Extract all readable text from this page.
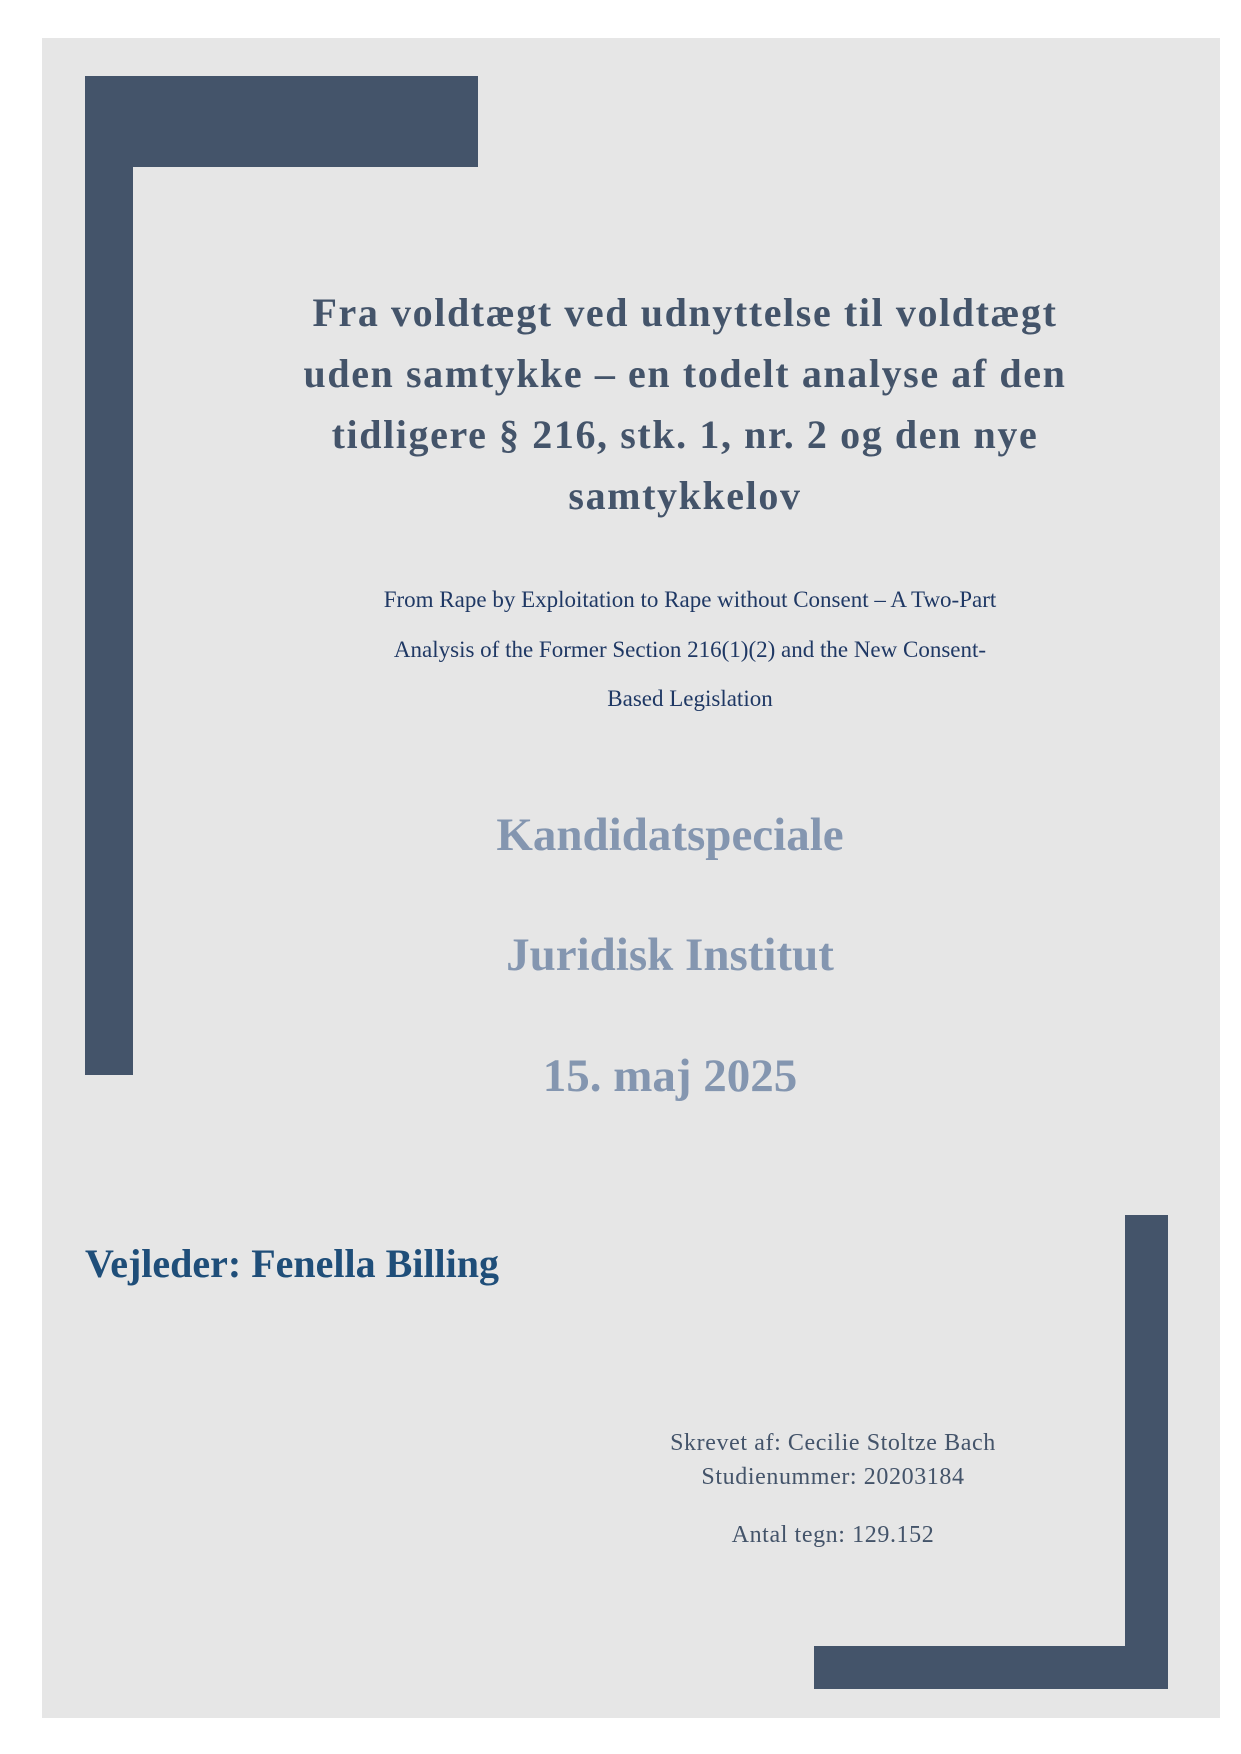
Fra voldtægt ved udnyttelse til voldtægt
uden samtykke – en todelt analyse af den
tidligere § 216, stk. 1, nr. 2 og den nye
samtykkelov
From Rape by Exploitation to Rape without Consent – A Two-Part
Analysis of the Former Section 216(1)(2) and the New Consent-
Based Legislation
Kandidatspeciale
Juridisk Institut
15. maj 2025
Vejleder: Fenella Billing
Skrevet af: Cecilie Stoltze Bach
Studienummer: 20203184
Antal tegn: 129.152
